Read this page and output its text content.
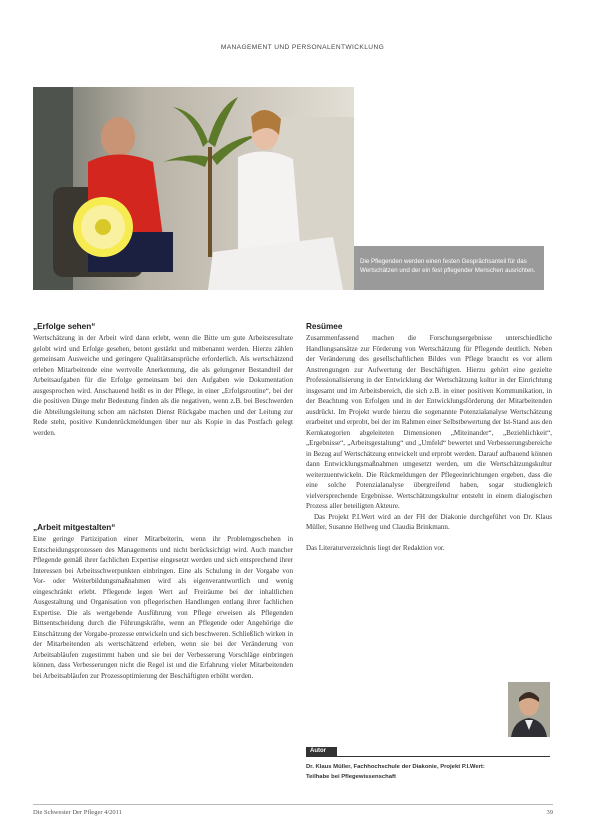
MANAGEMENT UND PERSONALENTWICKLUNG
Die Pflegenden werden einen festen Gesprächsanteil für das Wertschätzen und der ein fest pflegender Menschen ausrichten.
„Erfolge sehen“

Wertschätzung in der Arbeit wird dann erlebt, wenn die Bitte um gute Arbeitsresultate gelobt wird und Erfolge gesehen, betont gestärkt und mitbenannt werden. Hierzu zählen gemeinsam Ausweiche und geringere Qualitätsansprüche erforderlich. Als wertschätzend erleben Mitarbeitende eine wertvolle Anerkennung, die als gelungener Bestandteil der Arbeitsaufgaben für die Erfolge gemeinsam bei den Aufgaben wie Dokumentation ausgesprochen wird. Anschauend heißt es in der Pflege, in einer „Erfolgsroutine“, bei der die positiven Dinge mehr Bedeutung finden als die negativen, wenn z.B. bei Beschwerden die Abteilungsleitung schon am nächsten Dienst Rückgabe machen und der Leitung zur Rede steht, positive Kundenrückmeldungen über nur als Kopie in das Postfach gelegt werden.

„Arbeit mitgestalten“

Eine geringe Partizipation einer Mitarbeiterin, wenn ihr Problemgeschehen in Entscheidungsprozessen des Managements und nicht berücksichtigt wird. Auch mancher Pflegende gemäß ihrer fachlichen Expertise eingesetzt werden und sich entsprechend ihrer Interessen bei Arbeitsschwerpunkten einbringen. Eine als Schulung in der Vorgabe von Vor- oder Weiterbildungsmaßnahmen wird als eigenverantwortlich und wenig eingeschränkt erlebt. Pflegende legen Wert auf Freiräume bei der inhaltlichen Ausgestaltung und Organisation von pflegerischen Handlungen entlang ihrer fachlichen Expertise. Die als wertgebende Ausführung von Pflege erweisen als Pflegenden Bittsentscheidung durch die Führungskräfte, wenn an Pflegende oder Angehörige die Einschätzung der Vorgabe-prozesse entwickeln und sich beschweren. Schließlich wirken in der Mitarbeitenden als wertschätzend erleben, wenn sie bei der Veränderung von Arbeitsabläufen zugestimmt haben und sie bei der Verbesserung Vorschläge einbringen können, dass Verbesserungen nicht die Regel ist und die Erfahrung vieler Mitarbeitenden bei Arbeitsabläufen zur Prozessoptimierung der Beschäftigten erhöht werden.

Resümee

Zusammenfassend machen die Forschungsergebnisse unterschiedliche Handlungsansätze zur Förderung von Wertschätzung für Pflegende deutlich. Neben der Veränderung des gesellschaftlichen Bildes von Pflege braucht es vor allem Anstrengungen zur Aufwertung der Beschäftigten. Hierzu gehört eine gezielte Professionalisierung in der Entwicklung der Wertschätzung kultur in der Einrichtung insgesamt und im Arbeitsbereich, die sich z.B. in einer positiven Kommunikation, in der Beachtung von Erfolgen und in der Entwicklungsförderung der Mitarbeitenden ausdrückt. Im Projekt wurde hierzu die sogenannte Potenzialanalyse Wertschätzung erarbeitet und erprobt, bei der im Rahmen einer Selbstbewertung der Ist-Stand aus den Kernkategorien abgeleiteten Dimensionen „Miteinander“, „Beziehlichkeit“, „Ergebnisse“, „Arbeitsgestaltung“ und „Umfeld“ bewertet und Verbesserungsbereiche in Bezug auf Wertschätzung entwickelt und erprobt werden. Darauf aufbauend können dann Entwicklungsmaßnahmen umgesetzt werden, um die Wertschätzungskultur weiterzuentwickeln. Die Rückmeldungen der Pflegeeinrichtungen ergeben, dass die eine solche Potenzialanalyse übergreifend haben, sogar studiengleich vielversprechende Ergebnisse. Wertschätzungskultur entsteht in einem dialogischen Prozess aller beteiligten Akteure.

Das Projekt P.I.Wert wird an der FH der Diakonie durchgeführt von Dr. Klaus Müller, Susanne Hellweg und Claudia Brinkmann.

Das Literaturverzeichnis liegt der Redaktion vor.

Autor
Dr. Klaus Müller, Fachhochschule der Diakonie, Projekt P.I.Wert:
Teilhabe bei Pflegewissenschaft
Die Schwester Der Pfleger 4/2011	39
